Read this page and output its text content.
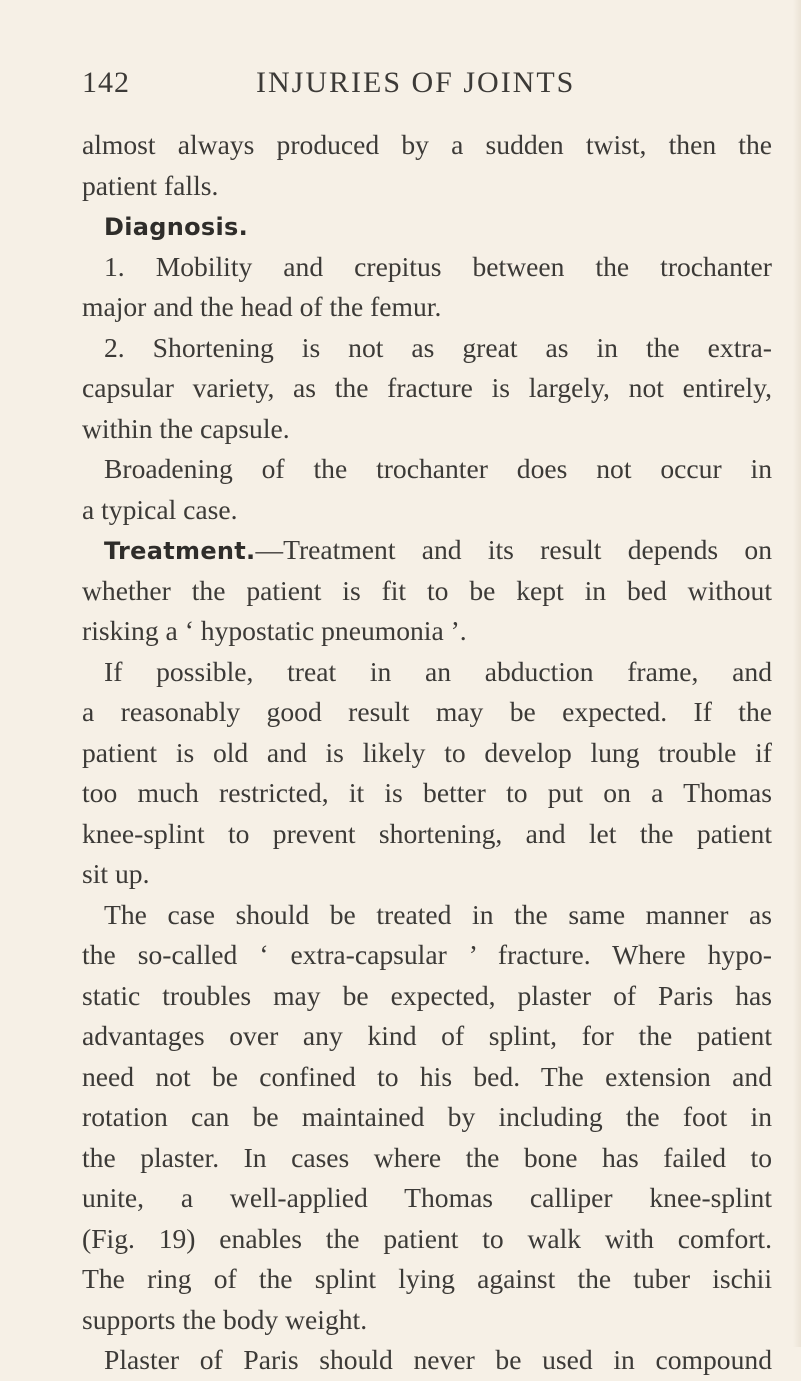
142	INJURIES OF JOINTS
almost always produced by a sudden twist, then the
patient falls.
Diagnosis.
1. Mobility and crepitus between the trochanter
major and the head of the femur.
2. Shortening is not as great as in the extra-
capsular variety, as the fracture is largely, not entirely,
within the capsule.
Broadening of the trochanter does not occur in
a typical case.
Treatment.—Treatment and its result depends on
whether the patient is fit to be kept in bed without
risking a ‘ hypostatic pneumonia ’.
If possible, treat in an abduction frame, and
a reasonably good result may be expected. If the
patient is old and is likely to develop lung trouble if
too much restricted, it is better to put on a Thomas
knee-splint to prevent shortening, and let the patient
sit up.
The case should be treated in the same manner as
the so-called ‘ extra-capsular ’ fracture. Where hypo-
static troubles may be expected, plaster of Paris has
advantages over any kind of splint, for the patient
need not be confined to his bed. The extension and
rotation can be maintained by including the foot in
the plaster. In cases where the bone has failed to
unite, a well-applied Thomas calliper knee-splint
(Fig. 19) enables the patient to walk with comfort.
The ring of the splint lying against the tuber ischii
supports the body weight.
Plaster of Paris should never be used in compound
